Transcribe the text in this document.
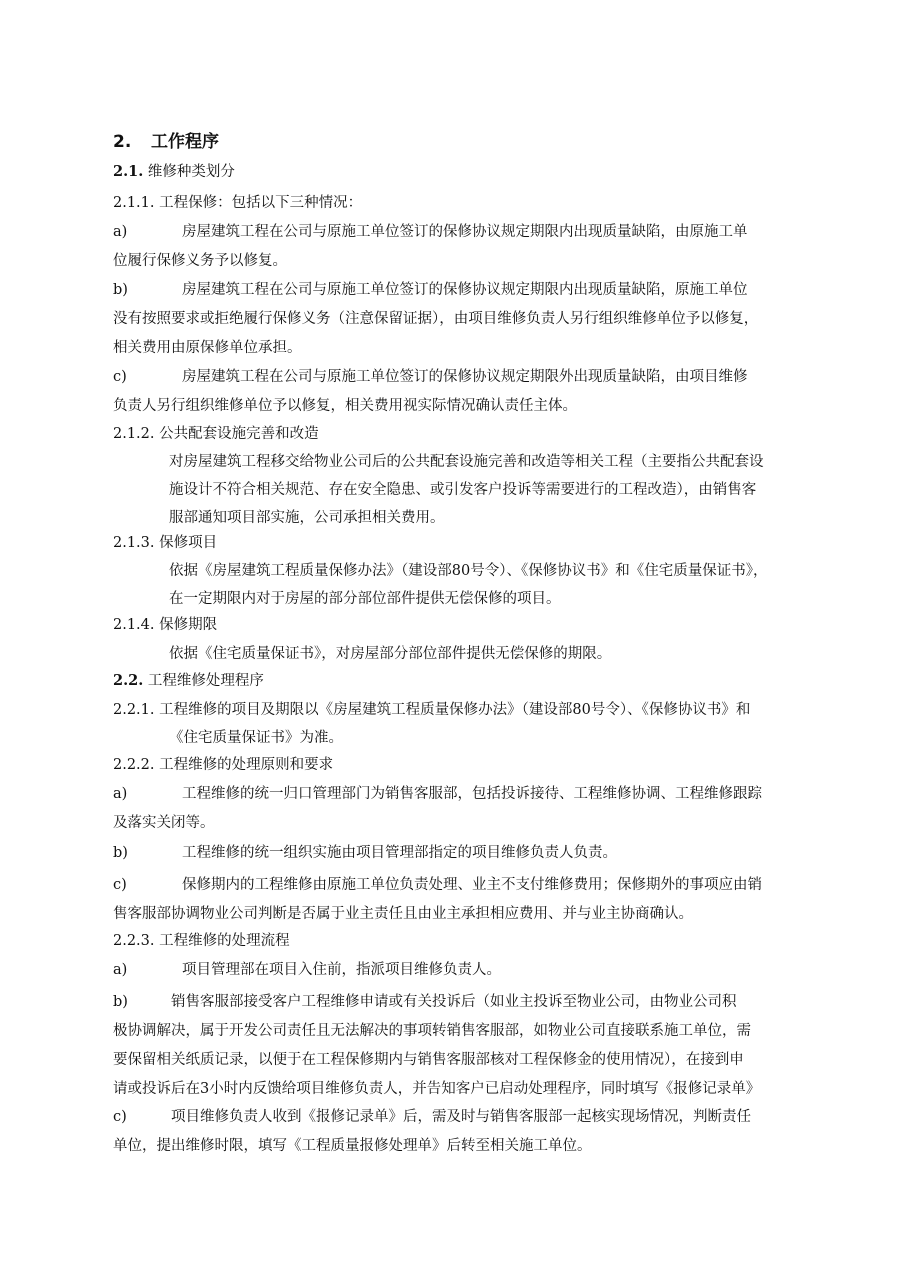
2. 工作程序
2.1. 维修种类划分
2.1.1. 工程保修：包括以下三种情况：
a)	房屋建筑工程在公司与原施工单位签订的保修协议规定期限内出现质量缺陷，由原施工单
位履行保修义务予以修复。
b)	房屋建筑工程在公司与原施工单位签订的保修协议规定期限内出现质量缺陷，原施工单位
没有按照要求或拒绝履行保修义务（注意保留证据），由项目维修负责人另行组织维修单位予以修复，
相关费用由原保修单位承担。
c)	房屋建筑工程在公司与原施工单位签订的保修协议规定期限外出现质量缺陷，由项目维修
负责人另行组织维修单位予以修复，相关费用视实际情况确认责任主体。
2.1.2. 公共配套设施完善和改造
对房屋建筑工程移交给物业公司后的公共配套设施完善和改造等相关工程（主要指公共配套设
施设计不符合相关规范、存在安全隐患、或引发客户投诉等需要进行的工程改造），由销售客
服部通知项目部实施，公司承担相关费用。
2.1.3. 保修项目
依据《房屋建筑工程质量保修办法》（建设部80号令）、《保修协议书》和《住宅质量保证书》，
在一定期限内对于房屋的部分部位部件提供无偿保修的项目。
2.1.4. 保修期限
依据《住宅质量保证书》，对房屋部分部位部件提供无偿保修的期限。
2.2. 工程维修处理程序
2.2.1. 工程维修的项目及期限以《房屋建筑工程质量保修办法》（建设部80号令）、《保修协议书》和
《住宅质量保证书》为准。
2.2.2. 工程维修的处理原则和要求
a)	工程维修的统一归口管理部门为销售客服部，包括投诉接待、工程维修协调、工程维修跟踪
及落实关闭等。
b)	工程维修的统一组织实施由项目管理部指定的项目维修负责人负责。
c)	保修期内的工程维修由原施工单位负责处理、业主不支付维修费用；保修期外的事项应由销
售客服部协调物业公司判断是否属于业主责任且由业主承担相应费用、并与业主协商确认。
2.2.3. 工程维修的处理流程
a)	项目管理部在项目入住前，指派项目维修负责人。
b)	销售客服部接受客户工程维修申请或有关投诉后（如业主投诉至物业公司，由物业公司积
极协调解决，属于开发公司责任且无法解决的事项转销售客服部，如物业公司直接联系施工单位，需
要保留相关纸质记录，以便于在工程保修期内与销售客服部核对工程保修金的使用情况），在接到申
请或投诉后在3小时内反馈给项目维修负责人，并告知客户已启动处理程序，同时填写《报修记录单》
c)	项目维修负责人收到《报修记录单》后，需及时与销售客服部一起核实现场情况，判断责任
单位，提出维修时限，填写《工程质量报修处理单》后转至相关施工单位。
